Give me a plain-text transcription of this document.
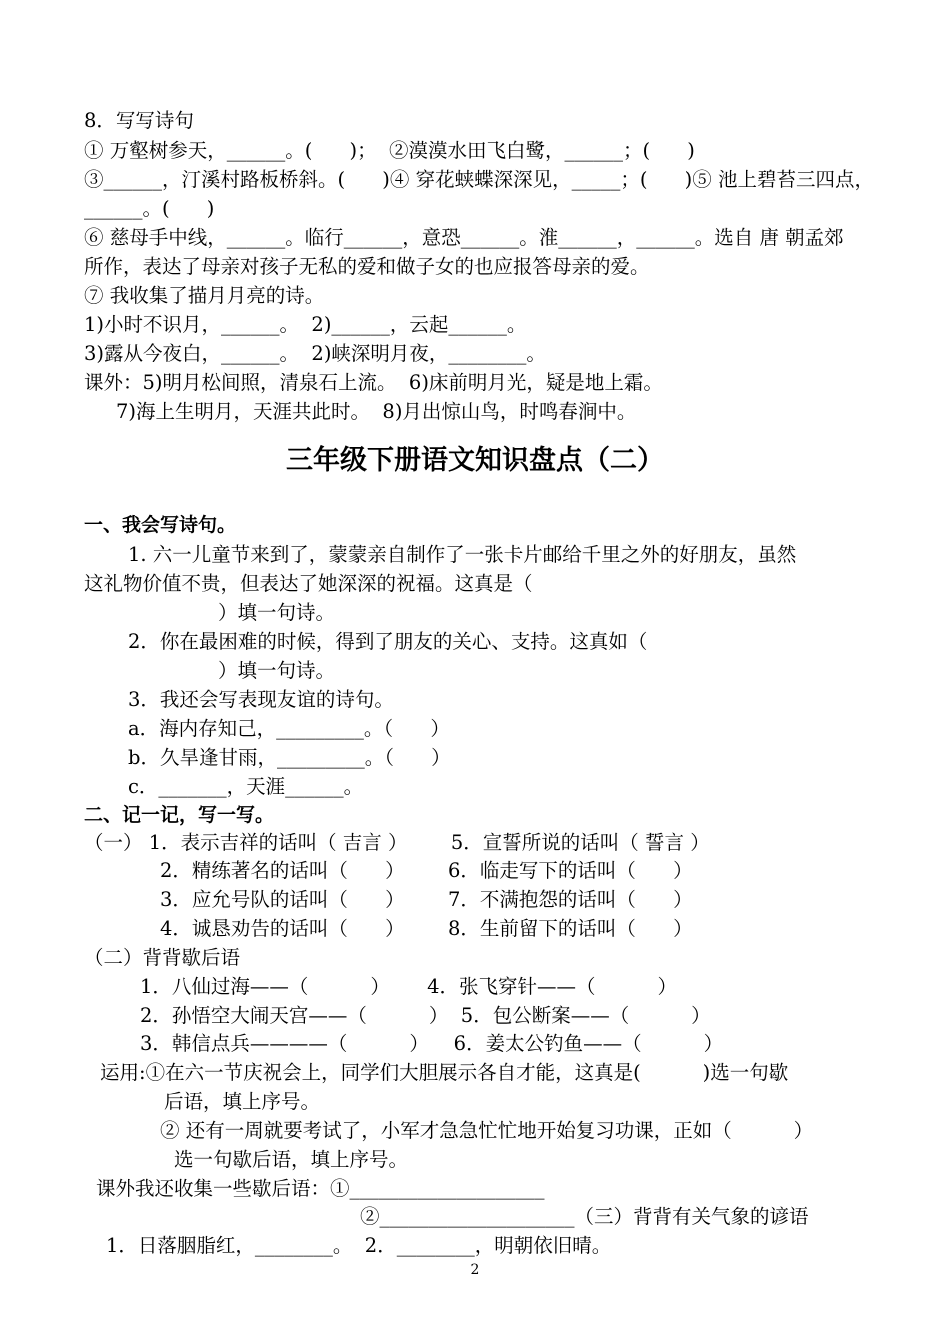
8．写写诗句
① 万壑树参天，______。(      )；  ②漠漠水田飞白鹭，______；(      )
③______，汀溪村路板桥斜。(      )④ 穿花蛱蝶深深见，_____；(      )⑤ 池上碧苔三四点，
______。(      )
⑥ 慈母手中线，______。临行______，意恐______。淮______，______。选自 唐 朝孟郊
所作，表达了母亲对孩子无私的爱和做子女的也应报答母亲的爱。
⑦ 我收集了描月月亮的诗。
1)小时不识月，______。  2)______，云起______。
3)露从今夜白，______。  2)峡深明月夜，________。
课外：5)明月松间照，清泉石上流。  6)床前明月光，疑是地上霜。
7)海上生明月，天涯共此时。  8)月出惊山鸟，时鸣春涧中。
三年级下册语文知识盘点（二）
一、我会写诗句。
1. 六一儿童节来到了，蒙蒙亲自制作了一张卡片邮给千里之外的好朋友，虽然
这礼物价值不贵，但表达了她深深的祝福。这真是（
）填一句诗。
2．你在最困难的时候，得到了朋友的关心、支持。这真如（
）填一句诗。
3．我还会写表现友谊的诗句。
a．海内存知己，_________。（      ）
b．久旱逢甘雨，_________。（      ）
c．_______，天涯______。
二、记一记，写一写。
（一） 1．表示吉祥的话叫（ 吉言 ）       5．宣誓所说的话叫（ 誓言 ）
2．精练著名的话叫（      ）       6．临走写下的话叫（      ）
3．应允号队的话叫（      ）       7．不满抱怨的话叫（      ）
4．诚恳劝告的话叫（      ）       8．生前留下的话叫（      ）
（二）背背歇后语
1．八仙过海——（          ）      4．张飞穿针——（          ）
2．孙悟空大闹天宫——（          ）  5．包公断案——（          ）
3．韩信点兵————（          ）    6．姜太公钓鱼——（          ）
运用:①在六一节庆祝会上，同学们大胆展示各自才能，这真是(          )选一句歇
后语，填上序号。
② 还有一周就要考试了，小军才急急忙忙地开始复习功课，正如（          ）
选一句歇后语，填上序号。
课外我还收集一些歇后语：①____________________
②____________________（三）背背有关气象的谚语
1．日落胭脂红，________。  2．________，明朝依旧晴。
2
